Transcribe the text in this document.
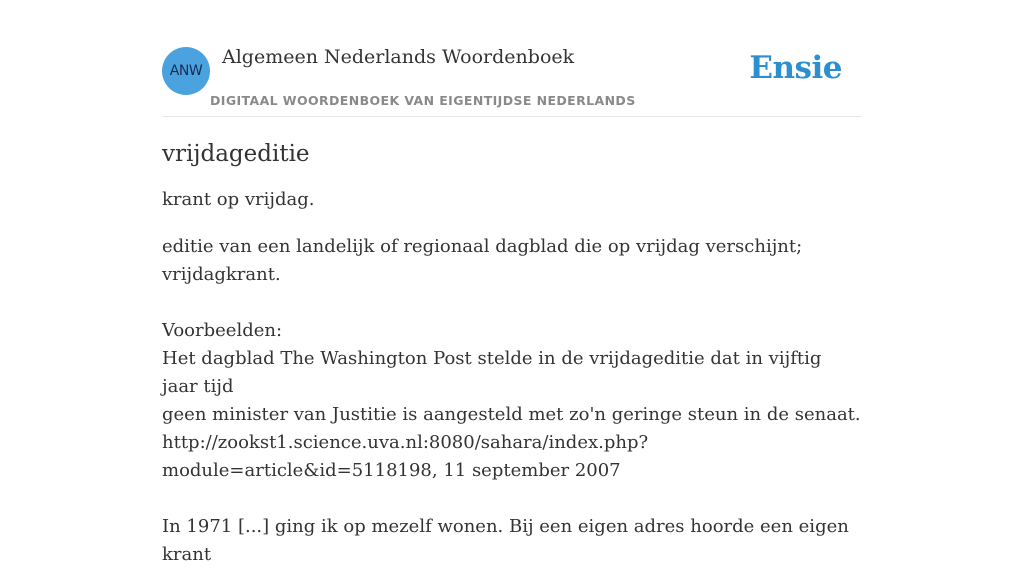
ANW
Algemeen Nederlands Woordenboek
DIGITAAL WOORDENBOEK VAN EIGENTIJDSE NEDERLANDS
Ensie
vrijdageditie

krant op vrijdag.

editie van een landelijk of regionaal dagblad die op vrijdag verschijnt;
vrijdagkrant.

Voorbeelden:
Het dagblad The Washington Post stelde in de vrijdageditie dat in vijftig jaar tijd
geen minister van Justitie is aangesteld met zo'n geringe steun in de senaat.
http://zookst1.science.uva.nl:8080/sahara/index.php?
module=article&id=5118198, 11 september 2007
In 1971 [...] ging ik op mezelf wonen. Bij een eigen adres hoorde een eigen krant
